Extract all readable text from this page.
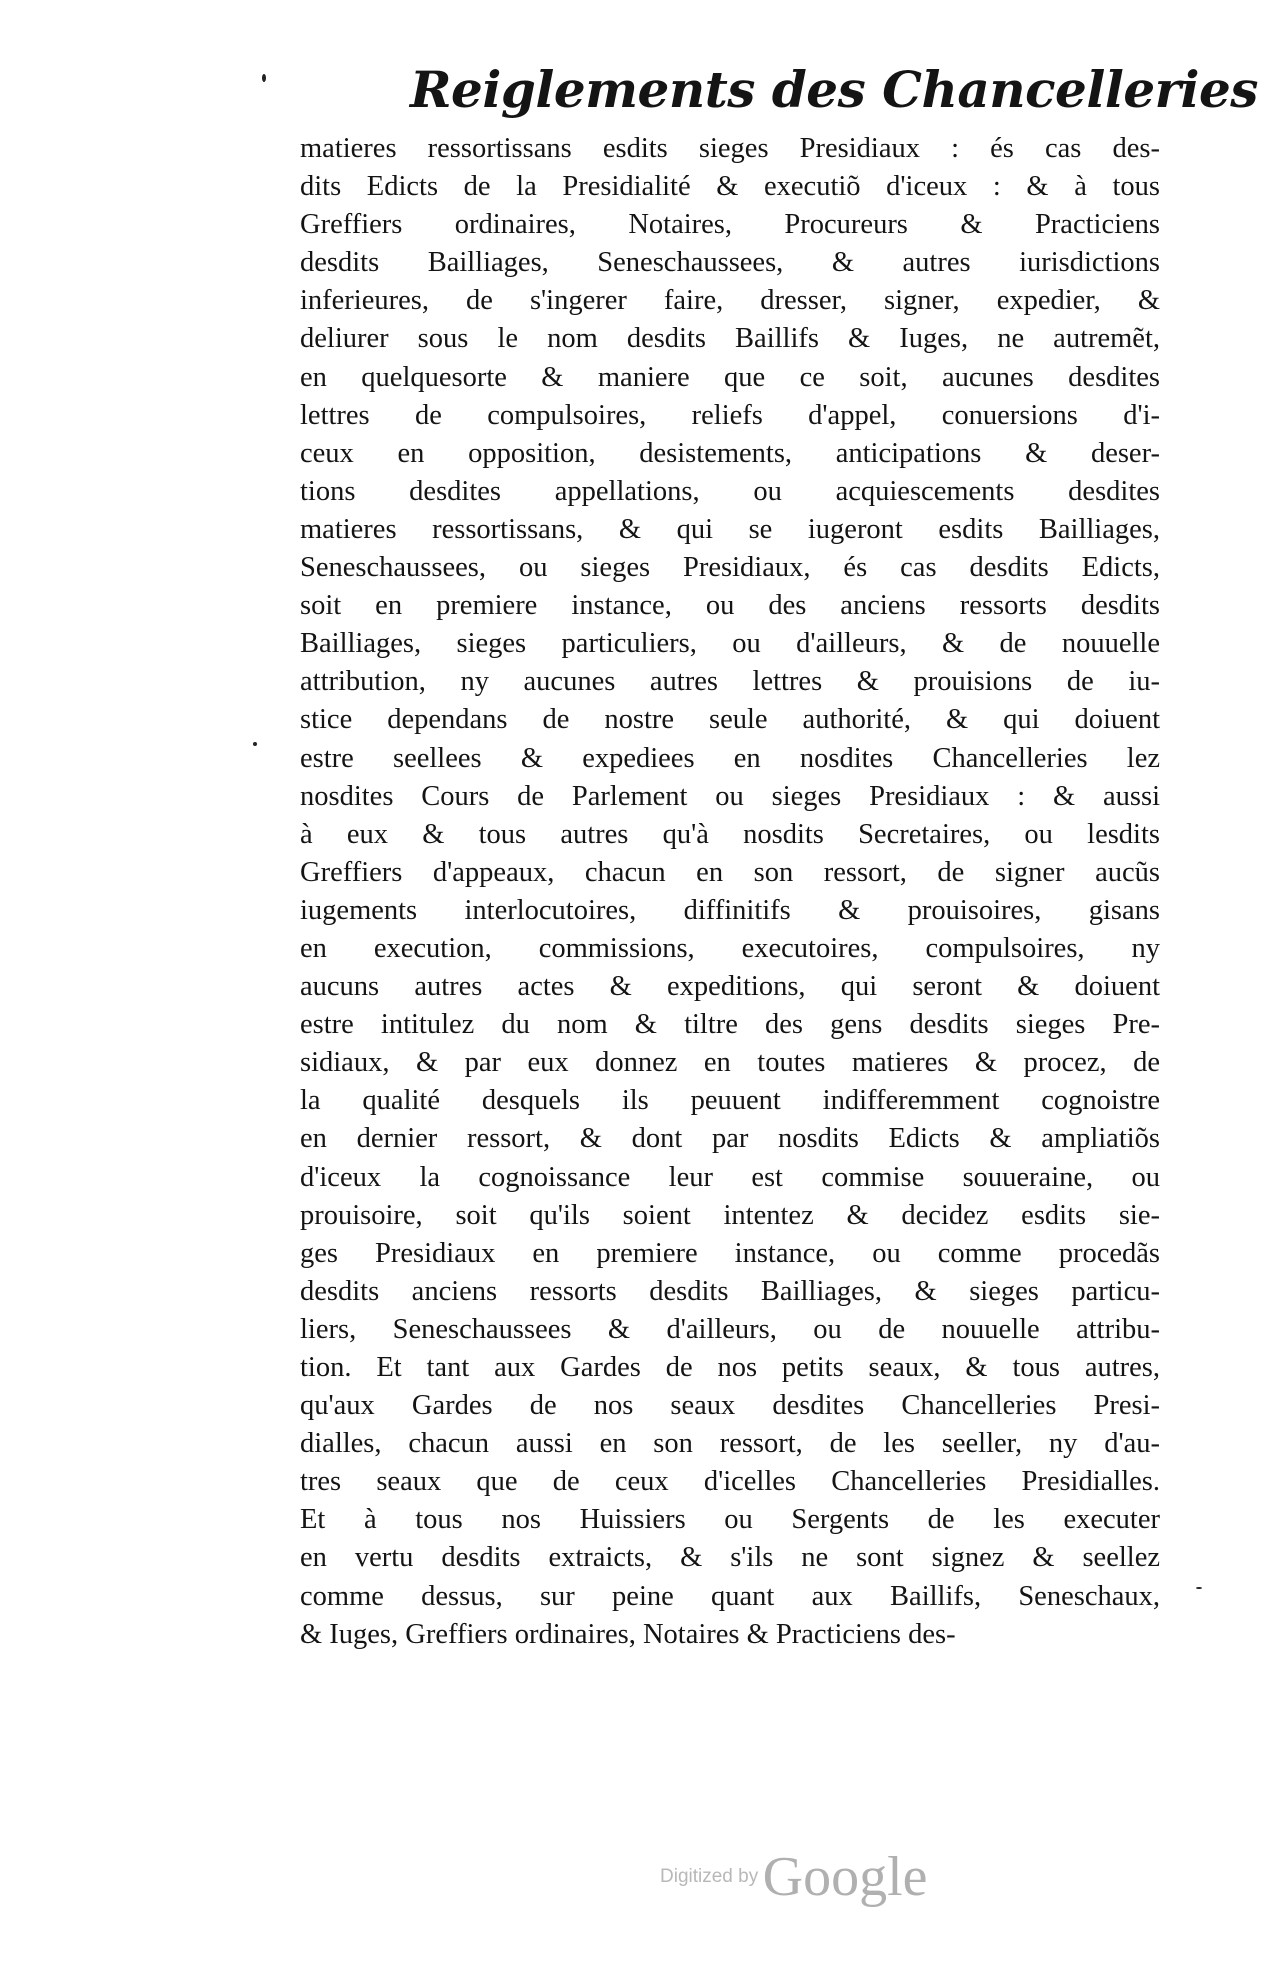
Reiglements des Chancelleries
matieres ressortissans esdits sieges Presidiaux : és cas des-
dits Edicts de la Presidialité & executiõ d'iceux : & à tous
Greffiers ordinaires, Notaires, Procureurs & Practiciens
desdits Bailliages, Seneschaussees, & autres iurisdictions
inferieures, de s'ingerer faire, dresser, signer, expedier, &
deliurer sous le nom desdits Baillifs & Iuges, ne autremẽt,
en quelquesorte & maniere que ce soit, aucunes desdites
lettres de compulsoires, reliefs d'appel, conuersions d'i-
ceux en opposition, desistements, anticipations & deser-
tions desdites appellations, ou acquiescements desdites
matieres ressortissans, & qui se iugeront esdits Bailliages,
Seneschaussees, ou sieges Presidiaux, és cas desdits Edicts,
soit en premiere instance, ou des anciens ressorts desdits
Bailliages, sieges particuliers, ou d'ailleurs, & de nouuelle
attribution, ny aucunes autres lettres & prouisions de iu-
stice dependans de nostre seule authorité, & qui doiuent
estre seellees & expediees en nosdites Chancelleries lez
nosdites Cours de Parlement ou sieges Presidiaux : & aussi
à eux & tous autres qu'à nosdits Secretaires, ou lesdits
Greffiers d'appeaux, chacun en son ressort, de signer aucũs
iugements interlocutoires, diffinitifs & prouisoires, gisans
en execution, commissions, executoires, compulsoires, ny
aucuns autres actes & expeditions, qui seront & doiuent
estre intitulez du nom & tiltre des gens desdits sieges Pre-
sidiaux, & par eux donnez en toutes matieres & procez, de
la qualité desquels ils peuuent indifferemment cognoistre
en dernier ressort, & dont par nosdits Edicts & ampliatiõs
d'iceux la cognoissance leur est commise souueraine, ou
prouisoire, soit qu'ils soient intentez & decidez esdits sie-
ges Presidiaux en premiere instance, ou comme procedãs
desdits anciens ressorts desdits Bailliages, & sieges particu-
liers, Seneschaussees & d'ailleurs, ou de nouuelle attribu-
tion. Et tant aux Gardes de nos petits seaux, & tous autres,
qu'aux Gardes de nos seaux desdites Chancelleries Presi-
dialles, chacun aussi en son ressort, de les seeller, ny d'au-
tres seaux que de ceux d'icelles Chancelleries Presidialles.
Et à tous nos Huissiers ou Sergents de les executer
en vertu desdits extraicts, & s'ils ne sont signez & seellez
comme dessus, sur peine quant aux Baillifs, Seneschaux,
& Iuges, Greffiers ordinaires, Notaires & Practiciens des-
Digitized by Google
